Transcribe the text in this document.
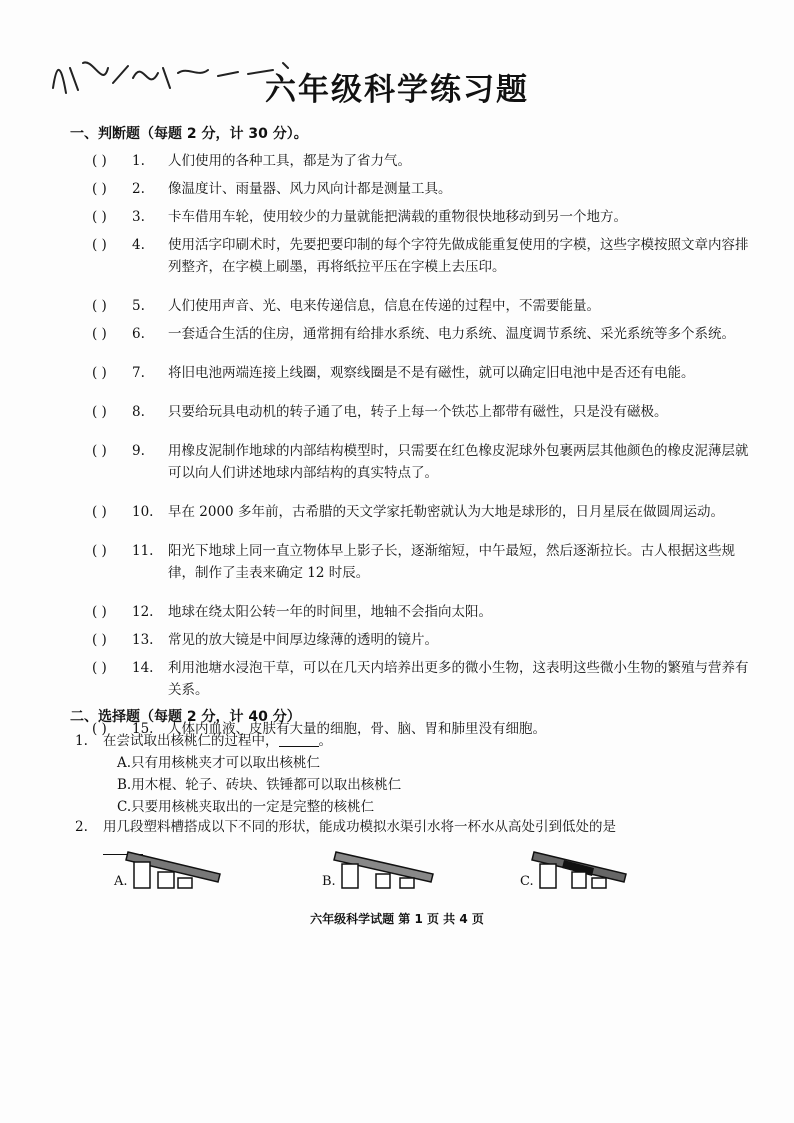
六年级科学练习题
一、判断题（每题 2 分，计 30 分）。
( )	1.	人们使用的各种工具，都是为了省力气。
( )	2.	像温度计、雨量器、风力风向计都是测量工具。
( )	3.	卡车借用车轮，使用较少的力量就能把满载的重物很快地移动到另一个地方。
( )	4.	使用活字印刷术时，先要把要印制的每个字符先做成能重复使用的字模，这些字模按照文章内容排列整齐，在字模上刷墨，再将纸拉平压在字模上去压印。
( )	5.	人们使用声音、光、电来传递信息，信息在传递的过程中，不需要能量。
( )	6.	一套适合生活的住房，通常拥有给排水系统、电力系统、温度调节系统、采光系统等多个系统。
( )	7.	将旧电池两端连接上线圈，观察线圈是不是有磁性，就可以确定旧电池中是否还有电能。
( )	8.	只要给玩具电动机的转子通了电，转子上每一个铁芯上都带有磁性，只是没有磁极。
( )	9.	用橡皮泥制作地球的内部结构模型时，只需要在红色橡皮泥球外包裹两层其他颜色的橡皮泥薄层就可以向人们讲述地球内部结构的真实特点了。
( )	10.	早在 2000 多年前，古希腊的天文学家托勒密就认为大地是球形的，日月星辰在做圆周运动。
( )	11.	阳光下地球上同一直立物体早上影子长，逐渐缩短，中午最短，然后逐渐拉长。古人根据这些规律，制作了圭表来确定 12 时辰。
( )	12.	地球在绕太阳公转一年的时间里，地轴不会指向太阳。
( )	13.	常见的放大镜是中间厚边缘薄的透明的镜片。
( )	14.	利用池塘水浸泡干草，可以在几天内培养出更多的微小生物，这表明这些微小生物的繁殖与营养有关系。
( )	15.	人体内血液、皮肤有大量的细胞，骨、脑、胃和肺里没有细胞。
二、选择题（每题 2 分，计 40 分）
1. 在尝试取出核桃仁的过程中，	。
A.只有用核桃夹才可以取出核桃仁
B.用木棍、轮子、砖块、铁锤都可以取出核桃仁
C.只要用核桃夹取出的一定是完整的核桃仁
2. 用几段塑料槽搭成以下不同的形状，能成功模拟水渠引水将一杯水从高处引到低处的是
A.	B.	C.
六年级科学试题 第 1 页 共 4 页
